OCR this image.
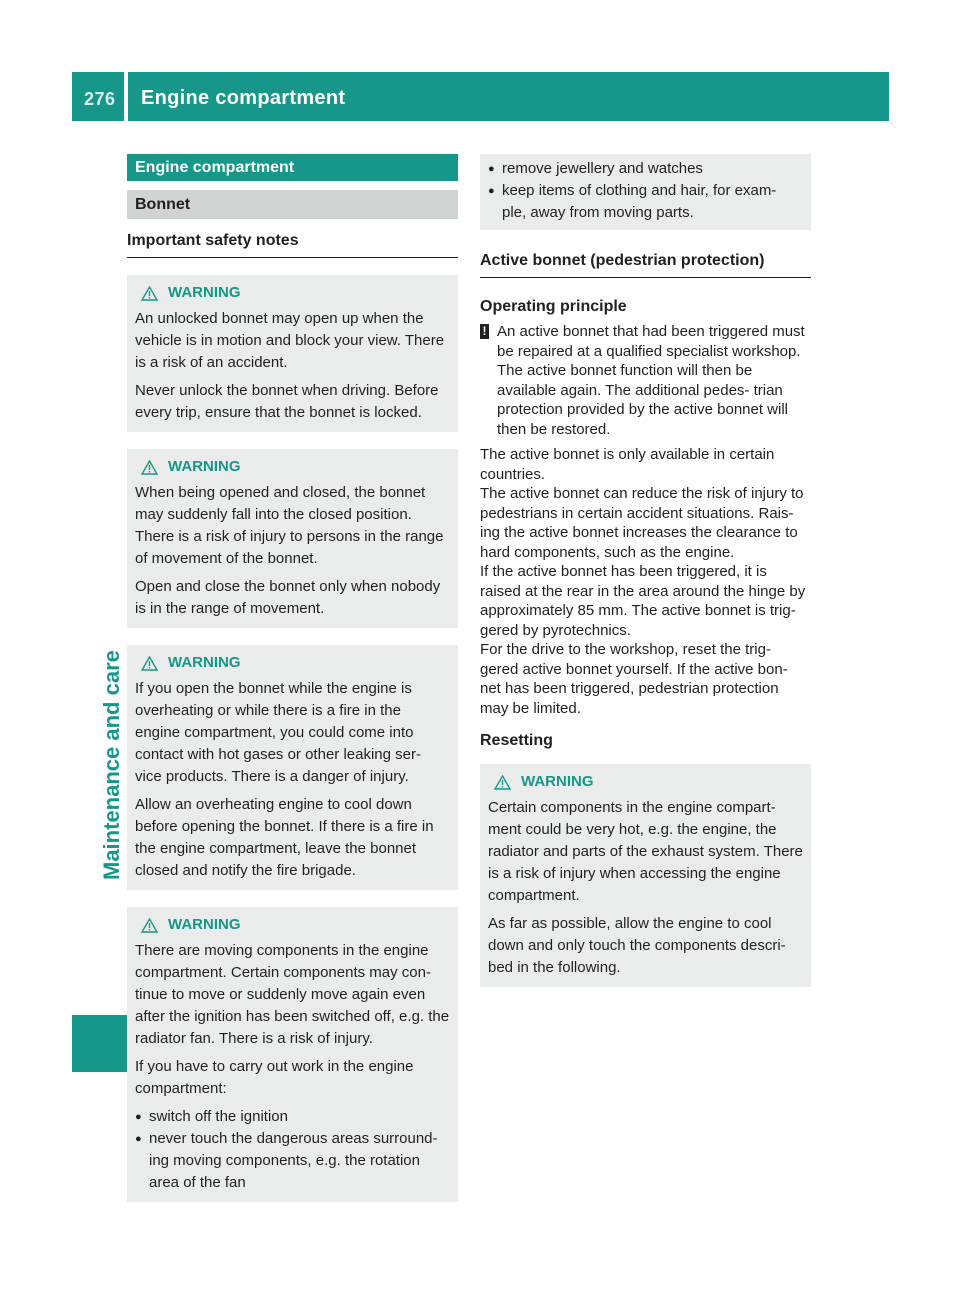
276 Engine compartment
Maintenance and care
Engine compartment
Bonnet
Important safety notes
WARNING

An unlocked bonnet may open up when the vehicle is in motion and block your view. There is a risk of an accident.

Never unlock the bonnet when driving. Before every trip, ensure that the bonnet is locked.

WARNING

When being opened and closed, the bonnet may suddenly fall into the closed position. There is a risk of injury to persons in the range of movement of the bonnet.

Open and close the bonnet only when nobody is in the range of movement.

WARNING

If you open the bonnet while the engine is overheating or while there is a fire in the engine compartment, you could come into contact with hot gases or other leaking ser- vice products. There is a danger of injury.

Allow an overheating engine to cool down before opening the bonnet. If there is a fire in the engine compartment, leave the bonnet closed and notify the fire brigade.

WARNING

There are moving components in the engine compartment. Certain components may con- tinue to move or suddenly move again even after the ignition has been switched off, e.g. the radiator fan. There is a risk of injury.

If you have to carry out work in the engine compartment:

● switch off the ignition
● never touch the dangerous areas surround- ing moving components, e.g. the rotation area of the fan
● remove jewellery and watches
● keep items of clothing and hair, for exam- ple, away from moving parts.
Active bonnet (pedestrian protection)
Operating principle
! An active bonnet that had been triggered must be repaired at a qualified specialist workshop. The active bonnet function will then be available again. The additional pedes- trian protection provided by the active bonnet will then be restored.

The active bonnet is only available in certain countries.

The active bonnet can reduce the risk of injury to pedestrians in certain accident situations. Rais- ing the active bonnet increases the clearance to hard components, such as the engine.

If the active bonnet has been triggered, it is raised at the rear in the area around the hinge by approximately 85 mm. The active bonnet is trig- gered by pyrotechnics.

For the drive to the workshop, reset the trig- gered active bonnet yourself. If the active bon- net has been triggered, pedestrian protection may be limited.

Resetting
WARNING

Certain components in the engine compart- ment could be very hot, e.g. the engine, the radiator and parts of the exhaust system. There is a risk of injury when accessing the engine compartment.

As far as possible, allow the engine to cool down and only touch the components descri- bed in the following.
